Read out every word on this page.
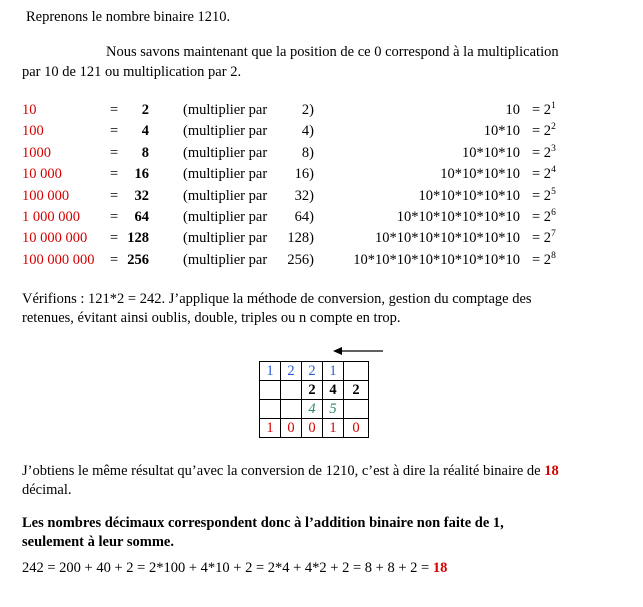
Reprenons le nombre binaire 1210.
Nous savons maintenant que la position de ce 0 correspond à la multiplication
par 10 de 121 ou multiplication par 2.
10	=	2 (multiplier par	2)	$10 = 2^1$
100	=	4 (multiplier par	4)	$10*10 = 2^2$
1000	=	8 (multiplier par	8)	$10*10*10 = 2^3$
10 000	=	16 (multiplier par	16)	$10*10*10*10 = 2^4$
100 000	=	32 (multiplier par	32)	$10*10*10*10*10 = 2^5$
1 000 000 =	64 (multiplier par	64)	$10*10*10*10*10*10 = 2^6$
10 000 000 = 128 (multiplier par	128)	$10*10*10*10*10*10*10 = 2^7$
100 000 000 = 256 (multiplier par	256)	$10*10*10*10*10*10*10*10 = 2^8$
Vérifions : 121*2 = 242. J’applique la méthode de conversion, gestion du comptage des
retenues, évitant ainsi oublis, double, triples ou n compte en trop.
1	2	2	1	
		2	4	2
		4	5	
1	0	0	1	0
J’obtiens le même résultat qu’avec la conversion de 1210, c’est à dire la réalité binaire de 18
décimal.
Les nombres décimaux correspondent donc à l’addition binaire non faite de 1,
seulement à leur somme.
242 = 200 + 40 + 2 = 2*100 + 4*10 + 2 = 2*4 + 4*2 + 2 = 8 + 8 + 2 = 18
